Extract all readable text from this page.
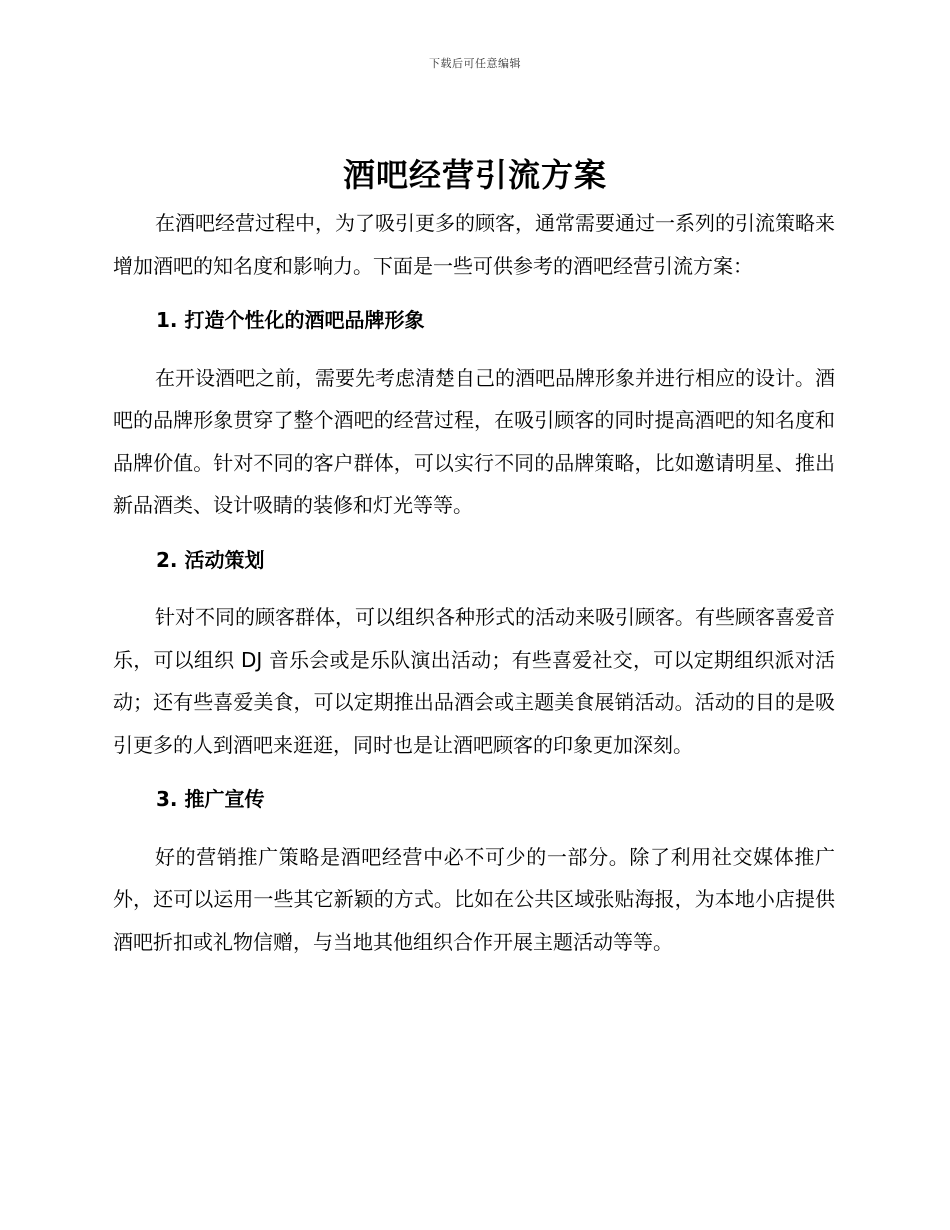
下载后可任意编辑
酒吧经营引流方案

在酒吧经营过程中，为了吸引更多的顾客，通常需要通过一系列的引流策略来增加酒吧的知名度和影响力。下面是一些可供参考的酒吧经营引流方案：

1. 打造个性化的酒吧品牌形象

在开设酒吧之前，需要先考虑清楚自己的酒吧品牌形象并进行相应的设计。酒吧的品牌形象贯穿了整个酒吧的经营过程，在吸引顾客的同时提高酒吧的知名度和品牌价值。针对不同的客户群体，可以实行不同的品牌策略，比如邀请明星、推出新品酒类、设计吸睛的装修和灯光等等。

2. 活动策划

针对不同的顾客群体，可以组织各种形式的活动来吸引顾客。有些顾客喜爱音乐，可以组织 DJ 音乐会或是乐队演出活动；有些喜爱社交，可以定期组织派对活动；还有些喜爱美食，可以定期推出品酒会或主题美食展销活动。活动的目的是吸引更多的人到酒吧来逛逛，同时也是让酒吧顾客的印象更加深刻。

3. 推广宣传

好的营销推广策略是酒吧经营中必不可少的一部分。除了利用社交媒体推广外，还可以运用一些其它新颖的方式。比如在公共区域张贴海报，为本地小店提供酒吧折扣或礼物信赠，与当地其他组织合作开展主题活动等等。
